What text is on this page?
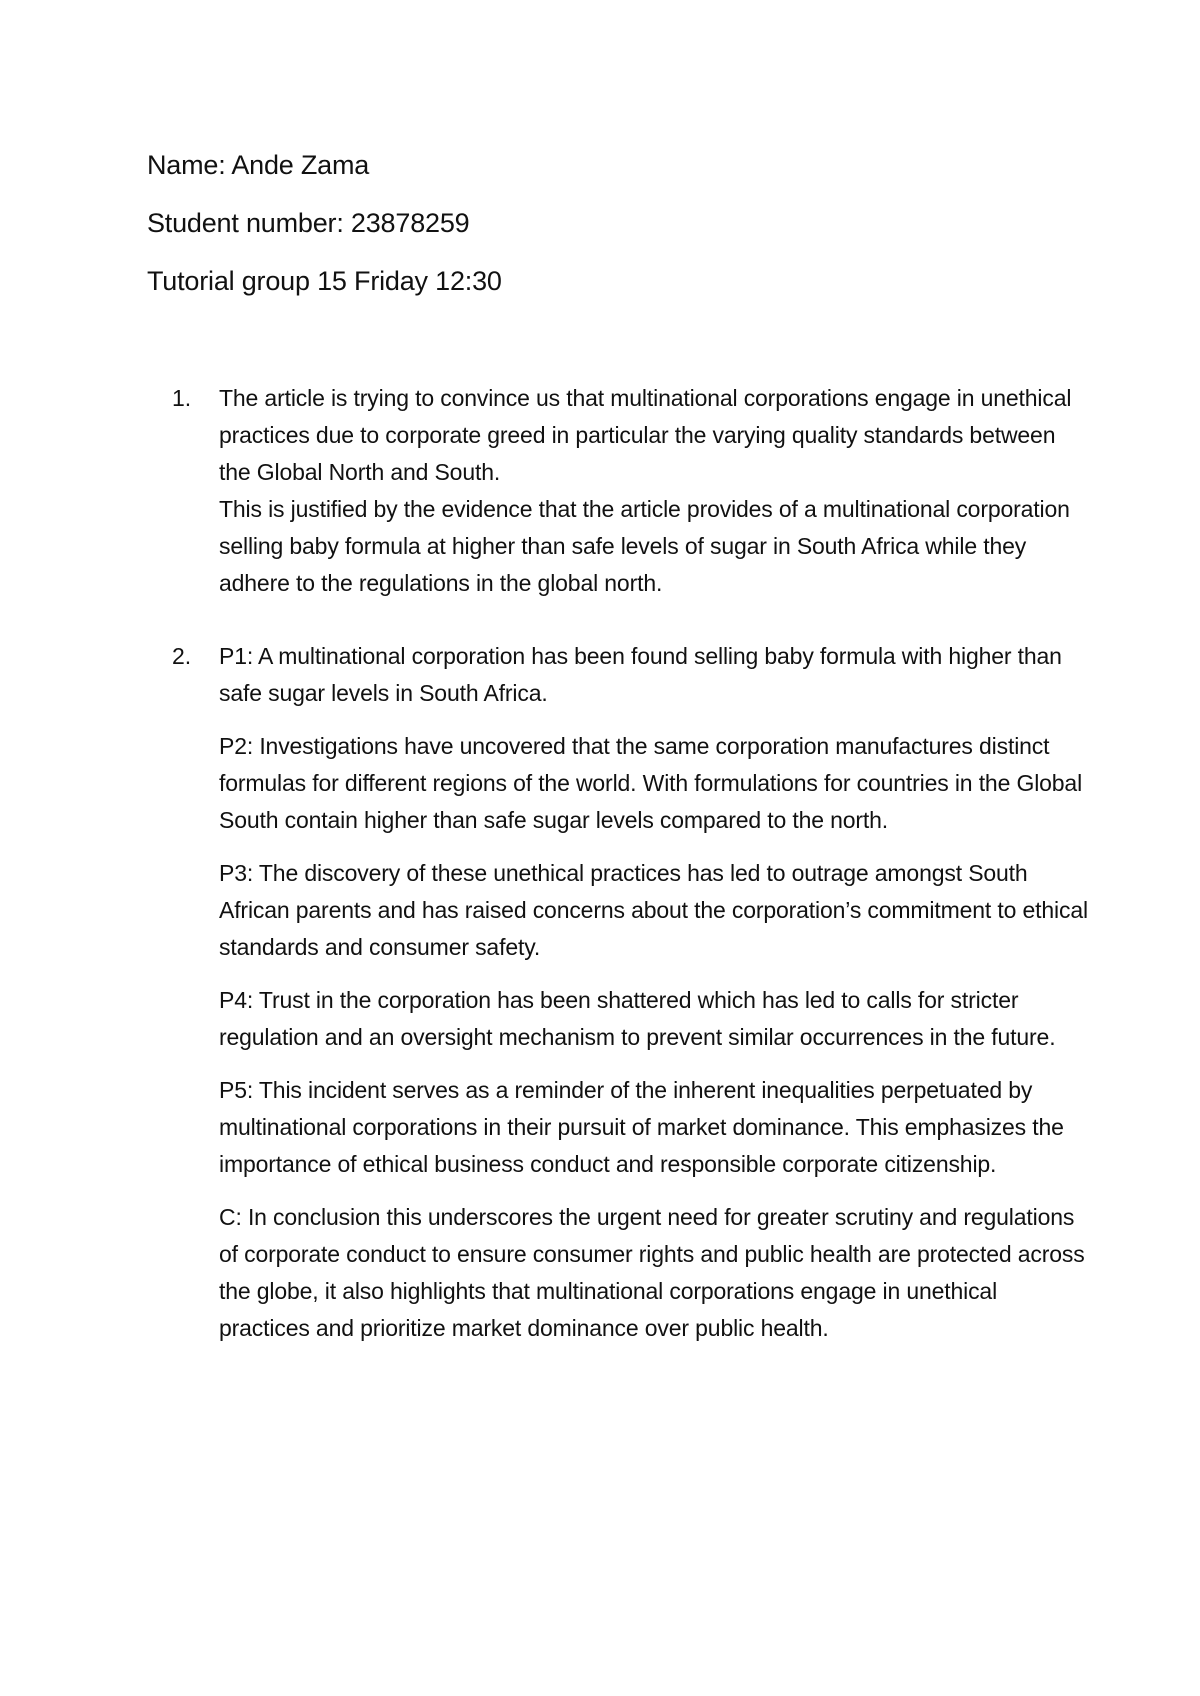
Name: Ande Zama

Student number: 23878259

Tutorial group 15 Friday 12:30

1. The article is trying to convince us that multinational corporations engage in unethical practices due to corporate greed in particular the varying quality standards between the Global North and South.

This is justified by the evidence that the article provides of a multinational corporation selling baby formula at higher than safe levels of sugar in South Africa while they adhere to the regulations in the global north.

2. P1: A multinational corporation has been found selling baby formula with higher than safe sugar levels in South Africa.

P2: Investigations have uncovered that the same corporation manufactures distinct formulas for different regions of the world. With formulations for countries in the Global South contain higher than safe sugar levels compared to the north.

P3: The discovery of these unethical practices has led to outrage amongst South African parents and has raised concerns about the corporation’s commitment to ethical standards and consumer safety.

P4: Trust in the corporation has been shattered which has led to calls for stricter regulation and an oversight mechanism to prevent similar occurrences in the future.

P5: This incident serves as a reminder of the inherent inequalities perpetuated by multinational corporations in their pursuit of market dominance. This emphasizes the importance of ethical business conduct and responsible corporate citizenship.

C: In conclusion this underscores the urgent need for greater scrutiny and regulations of corporate conduct to ensure consumer rights and public health are protected across the globe, it also highlights that multinational corporations engage in unethical practices and prioritize market dominance over public health.
